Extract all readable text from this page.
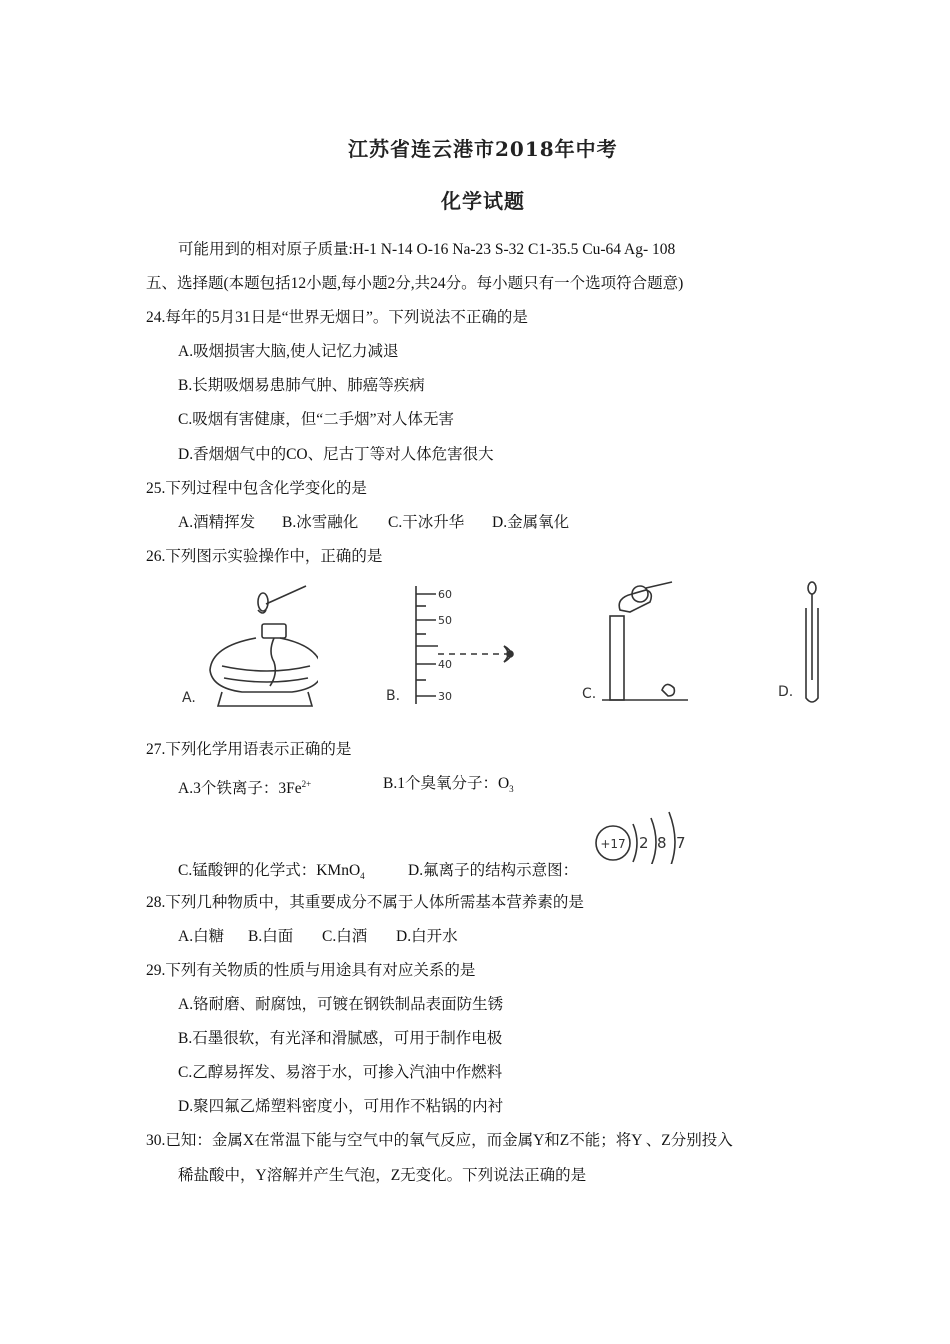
江苏省连云港市2018年中考
化学试题
可能用到的相对原子质量:H-1 N-14 O-16 Na-23 S-32 C1-35.5 Cu-64 Ag- 108
五、选择题(本题包括12小题,每小题2分,共24分。每小题只有一个选项符合题意)
24.每年的5月31日是“世界无烟日”。下列说法不正确的是
A.吸烟损害大脑,使人记忆力减退
B.长期吸烟易患肺气肿、肺癌等疾病
C.吸烟有害健康，但“二手烟”对人体无害
D.香烟烟气中的CO、尼古丁等对人体危害很大
25.下列过程中包含化学变化的是
A.酒精挥发 B.冰雪融化 C.干冰升华 D.金属氧化
26.下列图示实验操作中，正确的是
A.
60
50
40
30
B.	C.	D.
27.下列化学用语表示正确的是
A.3个铁离子：$3Fe^{2+}$	B.1个臭氧分子：$O_3$
+17 2 8 7
C.锰酸钾的化学式：KMnO$_4$	D.氟离子的结构示意图：
28.下列几种物质中，其重要成分不属于人体所需基本营养素的是
A.白糖 B.白面 C.白酒 D.白开水
29.下列有关物质的性质与用途具有对应关系的是
A.铬耐磨、耐腐蚀，可镀在钢铁制品表面防生锈
B.石墨很软，有光泽和滑腻感，可用于制作电极
C.乙醇易挥发、易溶于水，可掺入汽油中作燃料
D.聚四氟乙烯塑料密度小，可用作不粘锅的内衬
30.已知：金属X在常温下能与空气中的氧气反应，而金属Y和Z不能；将Y 、Z分别投入
稀盐酸中，Y溶解并产生气泡，Z无变化。下列说法正确的是
